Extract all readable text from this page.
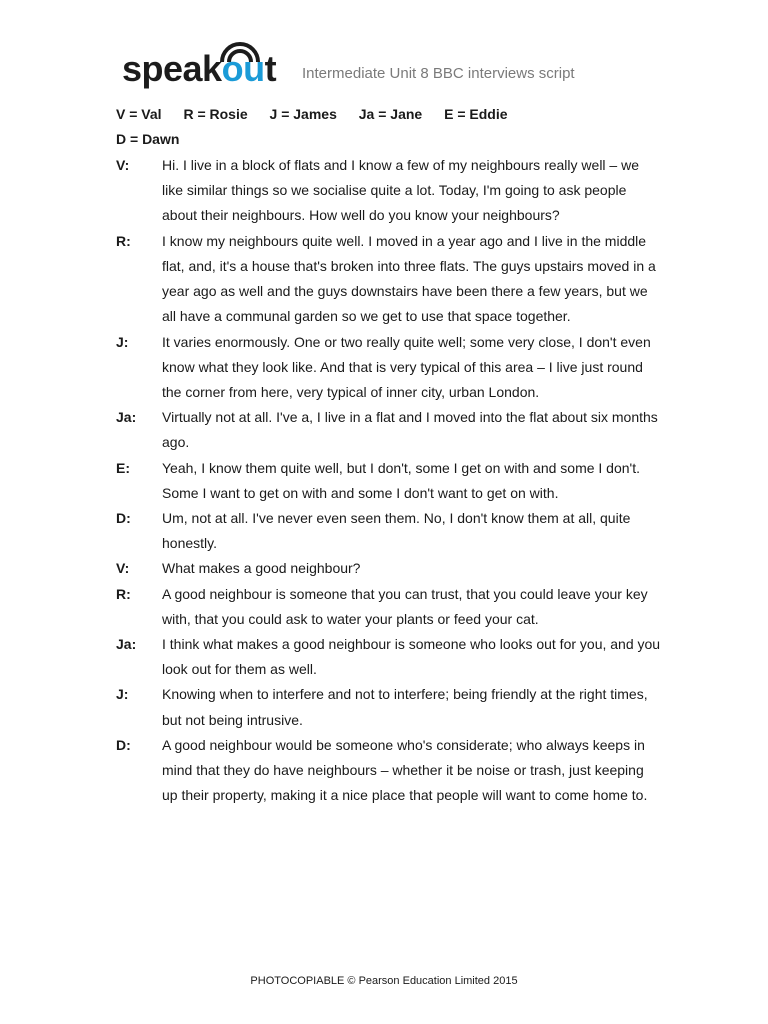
speakout Intermediate Unit 8 BBC interviews script
V = Val R = Rosie J = James Ja = Jane E = Eddie
D = Dawn
V:	Hi. I live in a block of flats and I know a few of my neighbours really well – we like similar things so we socialise quite a lot. Today, I'm going to ask people about their neighbours. How well do you know your neighbours?
R:	I know my neighbours quite well. I moved in a year ago and I live in the middle flat, and, it's a house that's broken into three flats. The guys upstairs moved in a year ago as well and the guys downstairs have been there a few years, but we all have a communal garden so we get to use that space together.
J:	It varies enormously. One or two really quite well; some very close, I don't even know what they look like. And that is very typical of this area – I live just round the corner from here, very typical of inner city, urban London.
Ja:	Virtually not at all. I've a, I live in a flat and I moved into the flat about six months ago.
E:	Yeah, I know them quite well, but I don't, some I get on with and some I don't. Some I want to get on with and some I don't want to get on with.
D:	Um, not at all. I've never even seen them. No, I don't know them at all, quite honestly.
V:	What makes a good neighbour?
R:	A good neighbour is someone that you can trust, that you could leave your key with, that you could ask to water your plants or feed your cat.
Ja:	I think what makes a good neighbour is someone who looks out for you, and you look out for them as well.
J:	Knowing when to interfere and not to interfere; being friendly at the right times, but not being intrusive.
D:	A good neighbour would be someone who's considerate; who always keeps in mind that they do have neighbours – whether it be noise or trash, just keeping up their property, making it a nice place that people will want to come home to.
PHOTOCOPIABLE © Pearson Education Limited 2015
